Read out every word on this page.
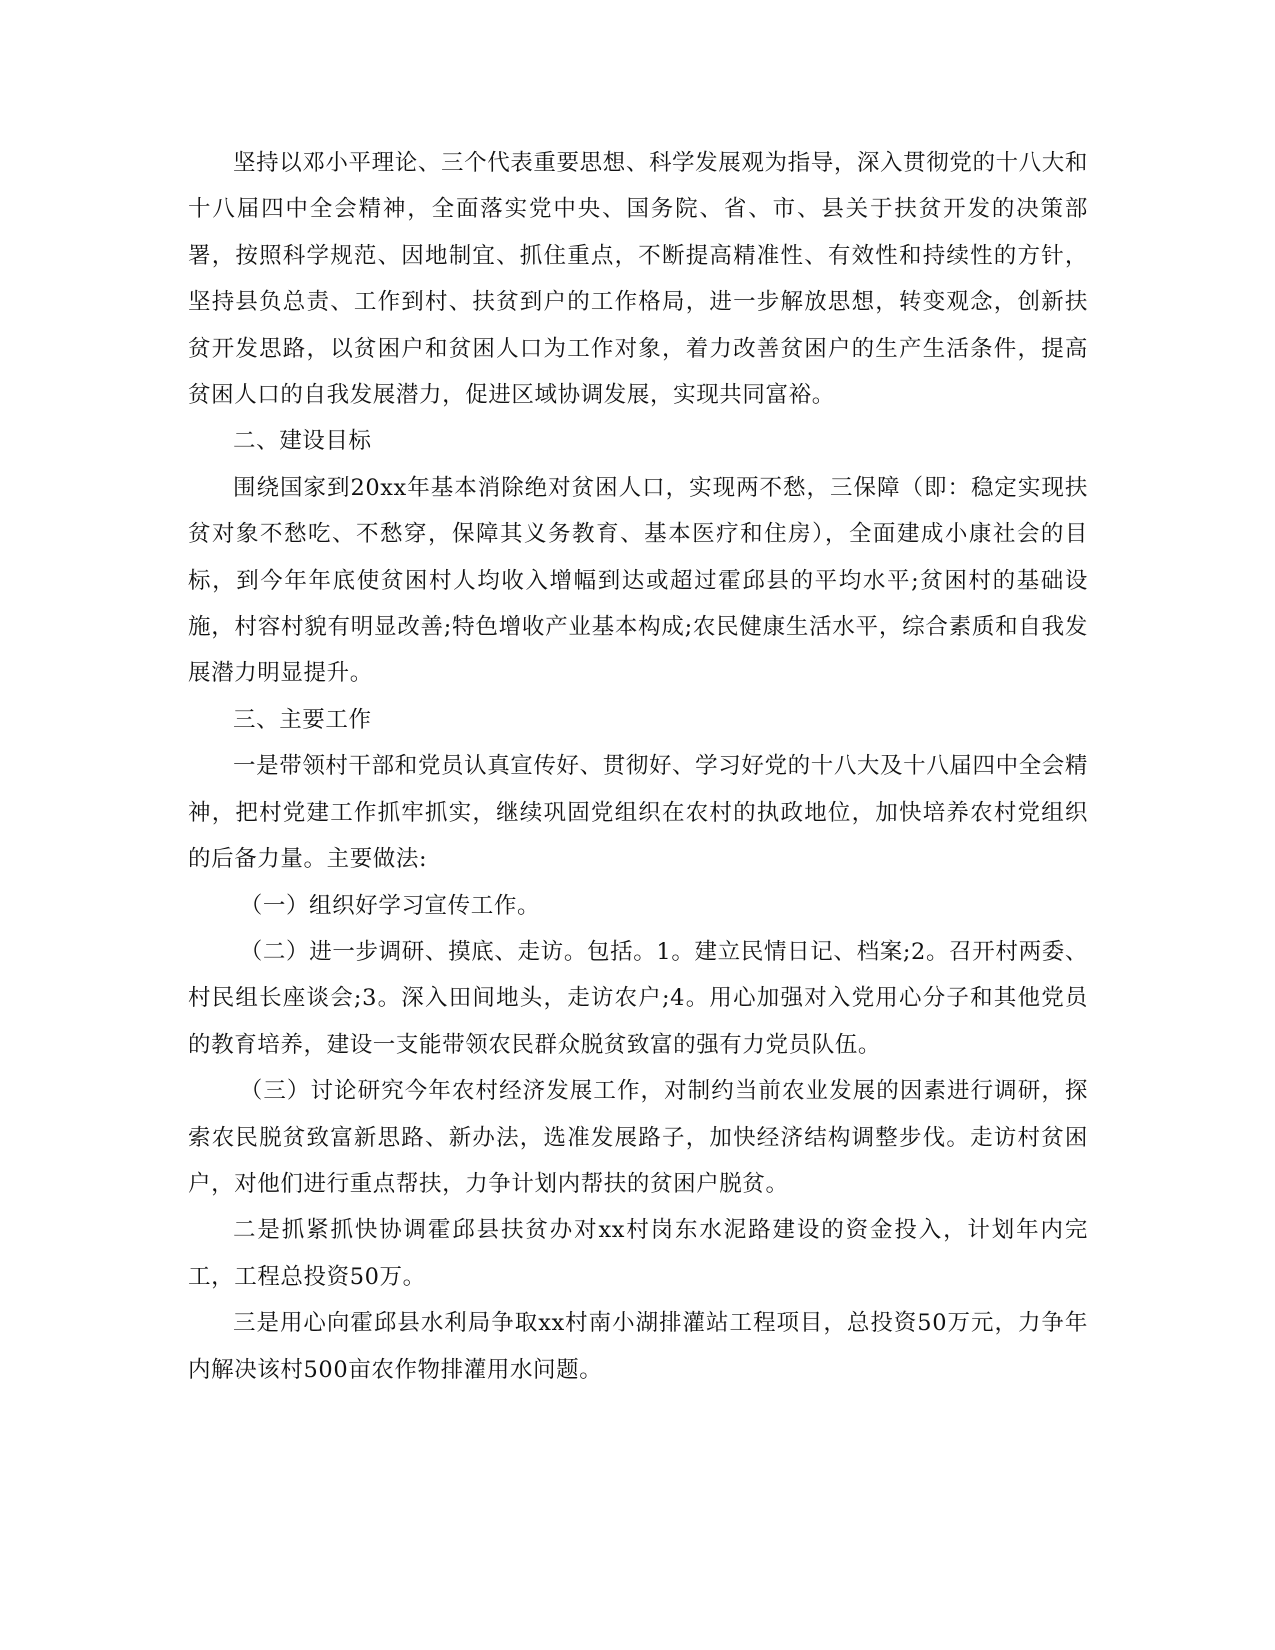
坚持以邓小平理论、三个代表重要思想、科学发展观为指导，深入贯彻党的十八大和十八届四中全会精神，全面落实党中央、国务院、省、市、县关于扶贫开发的决策部署，按照科学规范、因地制宜、抓住重点，不断提高精准性、有效性和持续性的方针，坚持县负总责、工作到村、扶贫到户的工作格局，进一步解放思想，转变观念，创新扶贫开发思路，以贫困户和贫困人口为工作对象，着力改善贫困户的生产生活条件，提高贫困人口的自我发展潜力，促进区域协调发展，实现共同富裕。

二、建设目标

围绕国家到20xx年基本消除绝对贫困人口，实现两不愁，三保障（即：稳定实现扶贫对象不愁吃、不愁穿，保障其义务教育、基本医疗和住房），全面建成小康社会的目标，到今年年底使贫困村人均收入增幅到达或超过霍邱县的平均水平;贫困村的基础设施，村容村貌有明显改善;特色增收产业基本构成;农民健康生活水平，综合素质和自我发展潜力明显提升。

三、主要工作

一是带领村干部和党员认真宣传好、贯彻好、学习好党的十八大及十八届四中全会精神，把村党建工作抓牢抓实，继续巩固党组织在农村的执政地位，加快培养农村党组织的后备力量。主要做法:

（一）组织好学习宣传工作。

（二）进一步调研、摸底、走访。包括。1。建立民情日记、档案;2。召开村两委、村民组长座谈会;3。深入田间地头，走访农户;4。用心加强对入党用心分子和其他党员的教育培养，建设一支能带领农民群众脱贫致富的强有力党员队伍。

（三）讨论研究今年农村经济发展工作，对制约当前农业发展的因素进行调研，探索农民脱贫致富新思路、新办法，选准发展路子，加快经济结构调整步伐。走访村贫困户，对他们进行重点帮扶，力争计划内帮扶的贫困户脱贫。

二是抓紧抓快协调霍邱县扶贫办对xx村岗东水泥路建设的资金投入，计划年内完工，工程总投资50万。

三是用心向霍邱县水利局争取xx村南小湖排灌站工程项目，总投资50万元，力争年内解决该村500亩农作物排灌用水问题。
